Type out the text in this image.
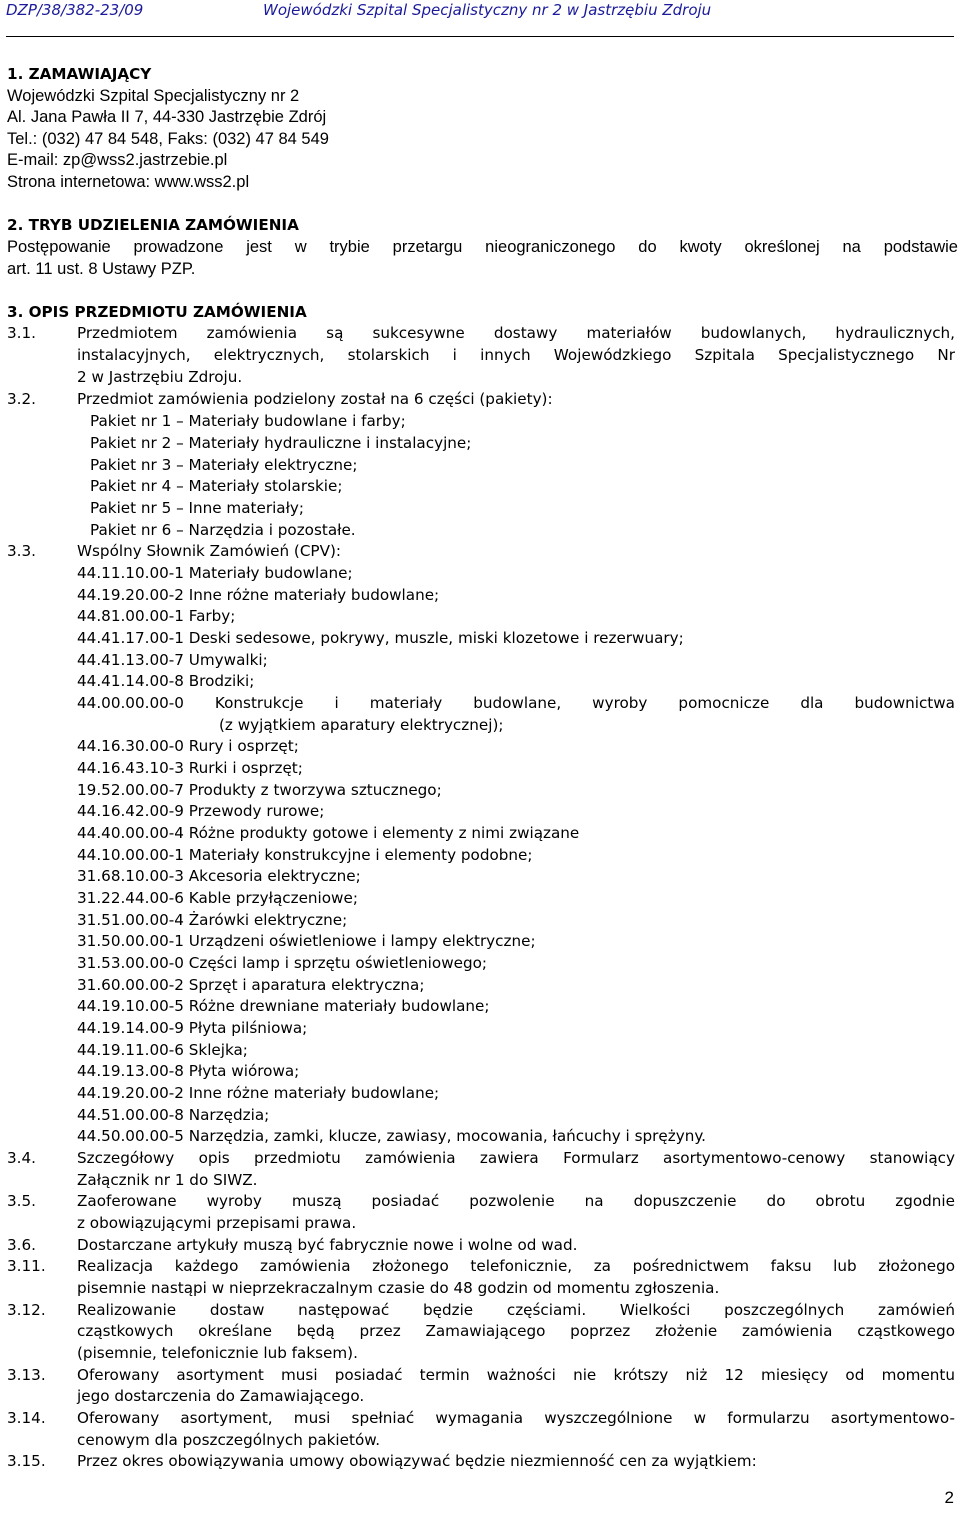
DZP/38/382-23/09	Wojewódzki Szpital Specjalistyczny nr 2 w Jastrzębiu Zdroju
1. ZAMAWIAJĄCY
Wojewódzki Szpital Specjalistyczny nr 2
Al. Jana Pawła II 7, 44-330 Jastrzębie Zdrój
Tel.: (032) 47 84 548, Faks: (032) 47 84 549
E-mail: zp@wss2.jastrzebie.pl
Strona internetowa: www.wss2.pl
2. TRYB UDZIELENIA ZAMÓWIENIA
Postępowanie prowadzone jest w trybie przetargu nieograniczonego do kwoty określonej na podstawie
art. 11 ust. 8 Ustawy PZP.
3. OPIS PRZEDMIOTU ZAMÓWIENIA
3.1.	Przedmiotem zamówienia są sukcesywne dostawy materiałów budowlanych, hydraulicznych,
instalacyjnych, elektrycznych, stolarskich i innych Wojewódzkiego Szpitala Specjalistycznego Nr
2 w Jastrzębiu Zdroju.
3.2.	Przedmiot zamówienia podzielony został na 6 części (pakiety):
Pakiet nr 1 – Materiały budowlane i farby;
Pakiet nr 2 – Materiały hydrauliczne i instalacyjne;
Pakiet nr 3 – Materiały elektryczne;
Pakiet nr 4 – Materiały stolarskie;
Pakiet nr 5 – Inne materiały;
Pakiet nr 6 – Narzędzia i pozostałe.
3.3.	Wspólny Słownik Zamówień (CPV):
44.11.10.00-1 Materiały budowlane;
44.19.20.00-2 Inne różne materiały budowlane;
44.81.00.00-1 Farby;
44.41.17.00-1 Deski sedesowe, pokrywy, muszle, miski klozetowe i rezerwuary;
44.41.13.00-7 Umywalki;
44.41.14.00-8 Brodziki;
44.00.00.00-0 Konstrukcje i materiały budowlane, wyroby pomocnicze dla budownictwa
(z wyjątkiem aparatury elektrycznej);
44.16.30.00-0 Rury i osprzęt;
44.16.43.10-3 Rurki i osprzęt;
19.52.00.00-7 Produkty z tworzywa sztucznego;
44.16.42.00-9 Przewody rurowe;
44.40.00.00-4 Różne produkty gotowe i elementy z nimi związane
44.10.00.00-1 Materiały konstrukcyjne i elementy podobne;
31.68.10.00-3 Akcesoria elektryczne;
31.22.44.00-6 Kable przyłączeniowe;
31.51.00.00-4 Żarówki elektryczne;
31.50.00.00-1 Urządzeni oświetleniowe i lampy elektryczne;
31.53.00.00-0 Części lamp i sprzętu oświetleniowego;
31.60.00.00-2 Sprzęt i aparatura elektryczna;
44.19.10.00-5 Różne drewniane materiały budowlane;
44.19.14.00-9 Płyta pilśniowa;
44.19.11.00-6 Sklejka;
44.19.13.00-8 Płyta wiórowa;
44.19.20.00-2 Inne różne materiały budowlane;
44.51.00.00-8 Narzędzia;
44.50.00.00-5 Narzędzia, zamki, klucze, zawiasy, mocowania, łańcuchy i sprężyny.
3.4.	Szczegółowy opis przedmiotu zamówienia zawiera Formularz asortymentowo-cenowy stanowiący
Załącznik nr 1 do SIWZ.
3.5.	Zaoferowane wyroby muszą posiadać pozwolenie na dopuszczenie do obrotu zgodnie
z obowiązującymi przepisami prawa.
3.6.	Dostarczane artykuły muszą być fabrycznie nowe i wolne od wad.
3.11. Realizacja każdego zamówienia złożonego telefonicznie, za pośrednictwem faksu lub złożonego
pisemnie nastąpi w nieprzekraczalnym czasie do 48 godzin od momentu zgłoszenia.
3.12. Realizowanie dostaw następować będzie częściami. Wielkości poszczególnych zamówień
cząstkowych określane będą przez Zamawiającego poprzez złożenie zamówienia cząstkowego
(pisemnie, telefonicznie lub faksem).
3.13. Oferowany asortyment musi posiadać termin ważności nie krótszy niż 12 miesięcy od momentu
jego dostarczenia do Zamawiającego.
3.14. Oferowany asortyment, musi spełniać wymagania wyszczególnione w formularzu asortymentowo-
cenowym dla poszczególnych pakietów.
3.15. Przez okres obowiązywania umowy obowiązywać będzie niezmienność cen za wyjątkiem:
2
